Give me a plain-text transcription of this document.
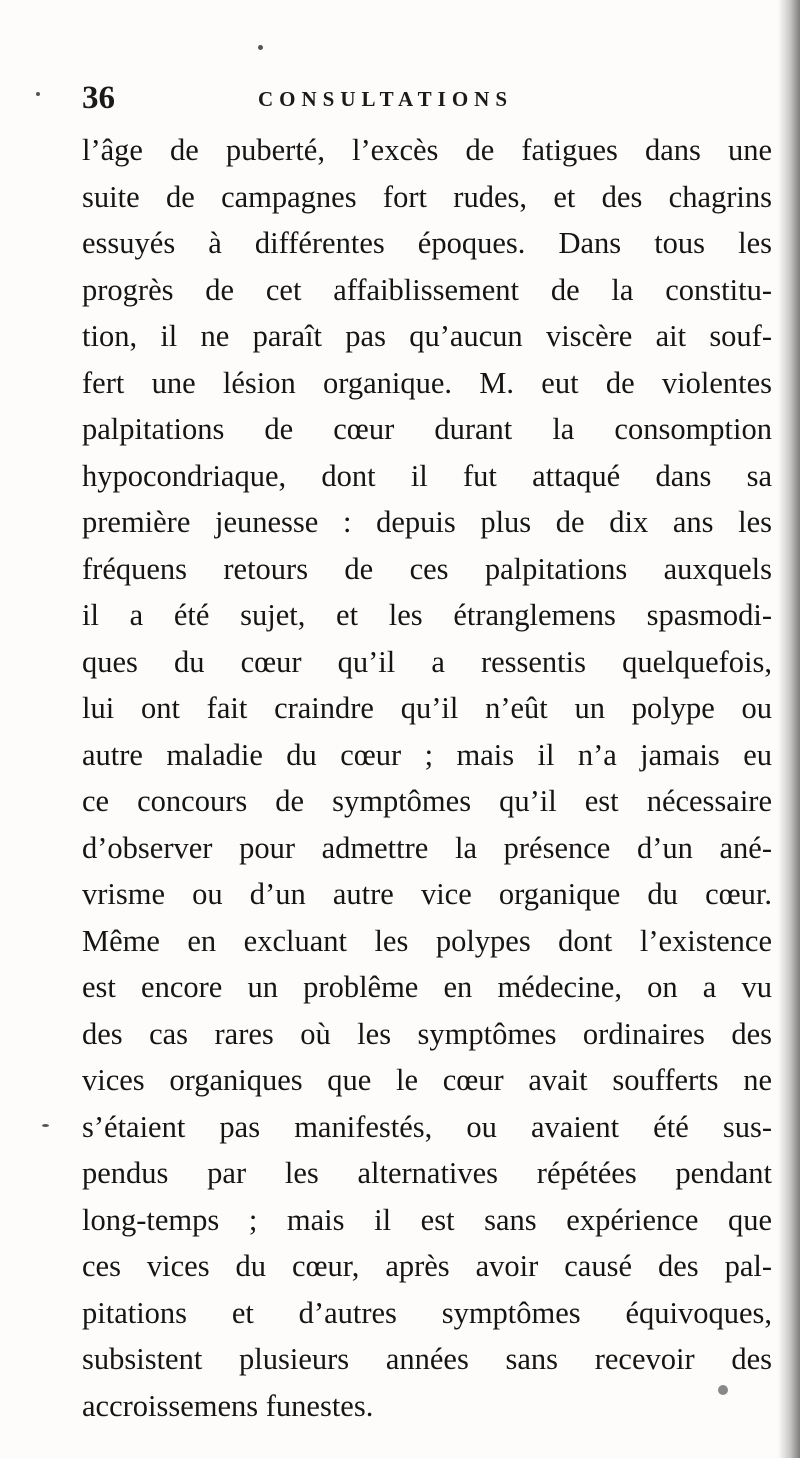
36	CONSULTATIONS
l’âge de puberté, l’excès de fatigues dans une
suite de campagnes fort rudes, et des chagrins
essuyés à différentes époques. Dans tous les
progrès de cet affaiblissement de la constitu-
tion, il ne paraît pas qu’aucun viscère ait souf-
fert une lésion organique. M. eut de violentes
palpitations de cœur durant la consomption
hypocondriaque, dont il fut attaqué dans sa
première jeunesse : depuis plus de dix ans les
fréquens retours de ces palpitations auxquels
il a été sujet, et les étranglemens spasmodi-
ques du cœur qu’il a ressentis quelquefois,
lui ont fait craindre qu’il n’eût un polype ou
autre maladie du cœur ; mais il n’a jamais eu
ce concours de symptômes qu’il est nécessaire
d’observer pour admettre la présence d’un ané-
vrisme ou d’un autre vice organique du cœur.
Même en excluant les polypes dont l’existence
est encore un problême en médecine, on a vu
des cas rares où les symptômes ordinaires des
vices organiques que le cœur avait soufferts ne
s’étaient pas manifestés, ou avaient été sus-
pendus par les alternatives répétées pendant
long-temps ; mais il est sans expérience que
ces vices du cœur, après avoir causé des pal-
pitations et d’autres symptômes équivoques,
subsistent plusieurs années sans recevoir des
accroissemens funestes.
